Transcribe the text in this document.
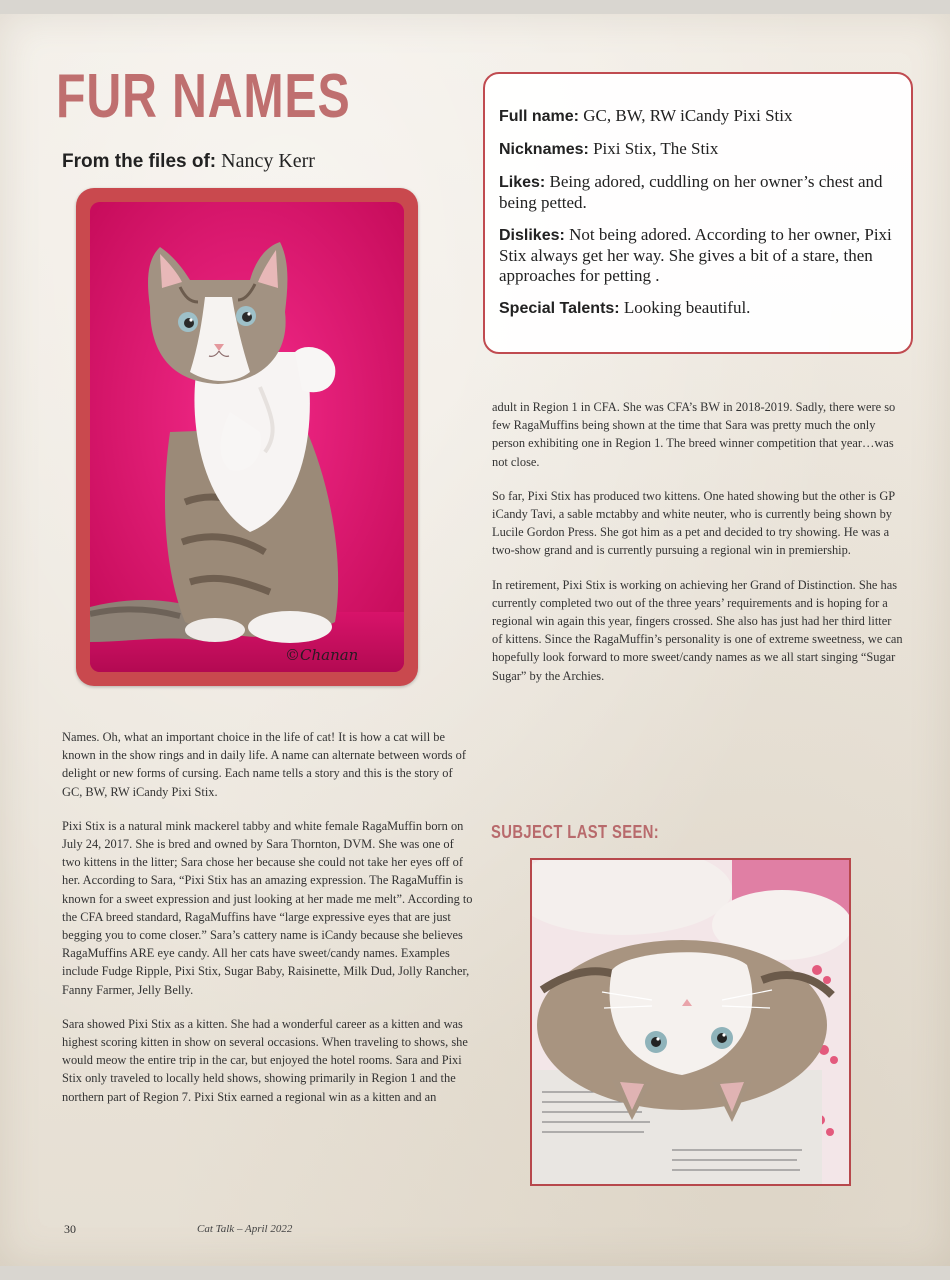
FUR NAMES
From the files of: Nancy Kerr
©Chanan
Full name: GC, BW, RW iCandy Pixi Stix
Nicknames: Pixi Stix, The Stix
Likes: Being adored, cuddling on her owner’s chest and being petted.
Dislikes: Not being adored. According to her owner, Pixi Stix always get her way. She gives a bit of a stare, then approaches for petting .
Special Talents: Looking beautiful.

adult in Region 1 in CFA. She was CFA’s BW in 2018-2019. Sadly, there were so few RagaMuffins being shown at the time that Sara was pretty much the only person exhibiting one in Region 1. The breed winner competition that year…was not close.

So far, Pixi Stix has produced two kittens. One hated showing but the other is GP iCandy Tavi, a sable mctabby and white neuter, who is currently being shown by Lucile Gordon Press. She got him as a pet and decided to try showing. He was a two-show grand and is currently pursuing a regional win in premiership.

In retirement, Pixi Stix is working on achieving her Grand of Distinction. She has currently completed two out of the three years’ requirements and is hoping for a regional win again this year, fingers crossed. She also has just had her third litter of kittens. Since the RagaMuffin’s personality is one of extreme sweetness, we can hopefully look forward to more sweet/candy names as we all start singing “Sugar Sugar” by the Archies.

Names. Oh, what an important choice in the life of cat! It is how a cat will be known in the show rings and in daily life. A name can alternate between words of delight or new forms of cursing. Each name tells a story and this is the story of GC, BW, RW iCandy Pixi Stix.

Pixi Stix is a natural mink mackerel tabby and white female RagaMuffin born on July 24, 2017. She is bred and owned by Sara Thornton, DVM. She was one of two kittens in the litter; Sara chose her because she could not take her eyes off of her. According to Sara, “Pixi Stix has an amazing expression. The RagaMuffin is known for a sweet expression and just looking at her made me melt”. According to the CFA breed standard, RagaMuffins have “large expressive eyes that are just begging you to come closer.” Sara’s cattery name is iCandy because she believes RagaMuffins ARE eye candy. All her cats have sweet/candy names. Examples include Fudge Ripple, Pixi Stix, Sugar Baby, Raisinette, Milk Dud, Jolly Rancher, Fanny Farmer, Jelly Belly.

Sara showed Pixi Stix as a kitten. She had a wonderful career as a kitten and was highest scoring kitten in show on several occasions. When traveling to shows, she would meow the entire trip in the car, but enjoyed the hotel rooms. Sara and Pixi Stix only traveled to locally held shows, showing primarily in Region 1 and the northern part of Region 7. Pixi Stix earned a regional win as a kitten and an

SUBJECT LAST SEEN:
30	Cat Talk – April 2022
